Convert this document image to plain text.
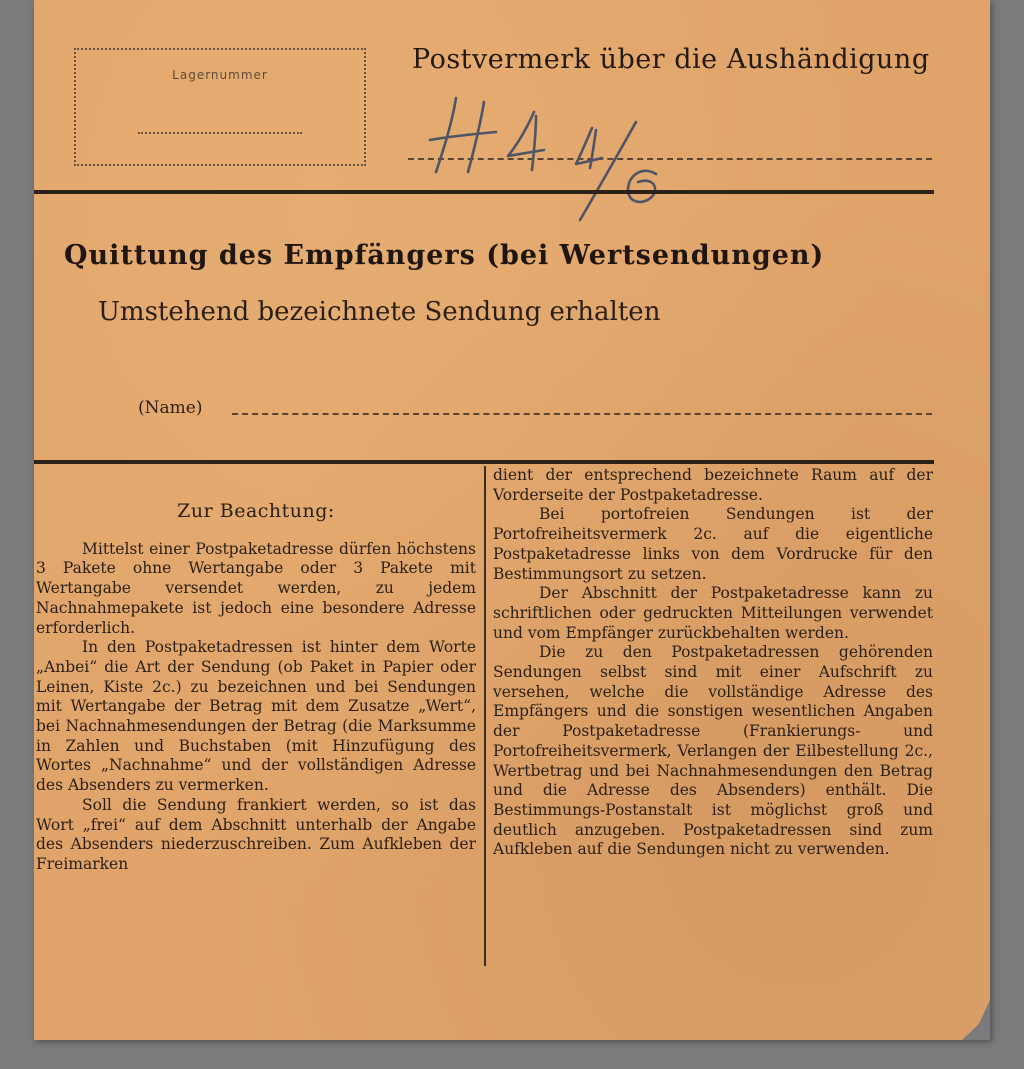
Lagernummer	Postvermerk über die Aushändigung
Quittung des Empfängers (bei Wertsendungen)
Umstehend bezeichnete Sendung erhalten
(Name)

Zur Beachtung:

Mittelst einer Postpaketadresse dürfen höchstens 3 Pakete ohne Wertangabe oder 3 Pakete mit Wertangabe versendet werden, zu jedem Nachnahmepakete ist jedoch eine besondere Adresse erforderlich.

In den Postpaketadressen ist hinter dem Worte „Anbei“ die Art der Sendung (ob Paket in Papier oder Leinen, Kiste 2c.) zu bezeichnen und bei Sendungen mit Wertangabe der Betrag mit dem Zusatze „Wert“, bei Nachnahmesendungen der Betrag (die Marksumme in Zahlen und Buchstaben (mit Hinzufügung des Wortes „Nachnahme“ und der vollständigen Adresse des Absenders zu vermerken.

Soll die Sendung frankiert werden, so ist das Wort „frei“ auf dem Abschnitt unterhalb der Angabe des Absenders niederzuschreiben. Zum Aufkleben der Freimarken

dient der entsprechend bezeichnete Raum auf der Vorderseite der Postpaketadresse.

Bei portofreien Sendungen ist der Portofreiheitsvermerk 2c. auf die eigentliche Postpaketadresse links von dem Vordrucke für den Bestimmungsort zu setzen.

Der Abschnitt der Postpaketadresse kann zu schriftlichen oder gedruckten Mitteilungen verwendet und vom Empfänger zurückbehalten werden.

Die zu den Postpaketadressen gehörenden Sendungen selbst sind mit einer Aufschrift zu versehen, welche die vollständige Adresse des Empfängers und die sonstigen wesentlichen Angaben der Postpaketadresse (Frankierungs- und Portofreiheitsvermerk, Verlangen der Eilbestellung 2c., Wertbetrag und bei Nachnahmesendungen den Betrag und die Adresse des Absenders) enthält. Die Bestimmungs-Postanstalt ist möglichst groß und deutlich anzugeben. Postpaketadressen sind zum Aufkleben auf die Sendungen nicht zu verwenden.
